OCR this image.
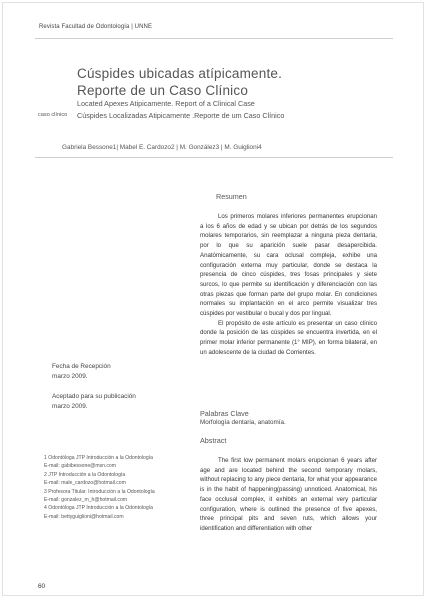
Revista Facultad de Odontología | UNNE
Cúspides ubicadas atípicamente.
Reporte de un Caso Clínico
Located Apexes Atipicamente. Report of a Clinical Case
Cúspides Localizadas Atipicamente .Reporte de um Caso Clínico
caso clínico
Gabriela Bessone1| Mabel E. Cardozo2 | M. González3 | M. Guiglioni4
Resumen

Los primeros molares inferiores permanentes erupcionan a los 6 años de edad y se ubican por detrás de los segundos molares temporarios, sin reemplazar a ninguna pieza dentaria, por lo que su aparición suele pasar desapercibida. Anatómicamente, su cara oclusal compleja, exhibe una configuración externa muy particular, donde se destaca la presencia de cinco cúspides, tres fosas principales y siete surcos, lo que permite su identificación y diferenciación con las otras piezas que forman parte del grupo molar. En condiciones normales su implantación en el arco permite visualizar tres cúspides por vestibular o bucal y dos por lingual.

El propósito de este artículo es presentar un caso clínico donde la posición de las cúspides se encuentra invertida, en el primer molar inferior permanente (1° MIP), en forma bilateral, en un adolescente de la ciudad de Corrientes.

Palabras Clave
Morfología dentaria, anatomía.
Abstract

The first low permanent molars erupcionan 6 years after age and are located behind the second temporary molars, without replacing to any piece dentaria, for what your appearance is in the habit of happening(passing) unnoticed. Anatomical, his face occlusal complex, it exhibits an external very particular configuration, where is outlined the presence of five apexes, three principal pits and seven ruts, which allows your identification and differentiation with other

Fecha de Recepción
marzo 2009.
Aceptado para su publicación
marzo 2009.
1 Odontóloga JTP Introducción a la Odontología
E-mail: gabibessone@msn.com
2 JTP Introducción a la Odontología
E-mail: male_cardozo@hotmail.com
3 Profesora Titular. Introducción a la Odontología
E-mail: gonzalez_m_h@hotmail.com
4 Odontóloga JTP Introducción a la Odontología
E-mail: bettyguiglioni@hotmail.com
60
